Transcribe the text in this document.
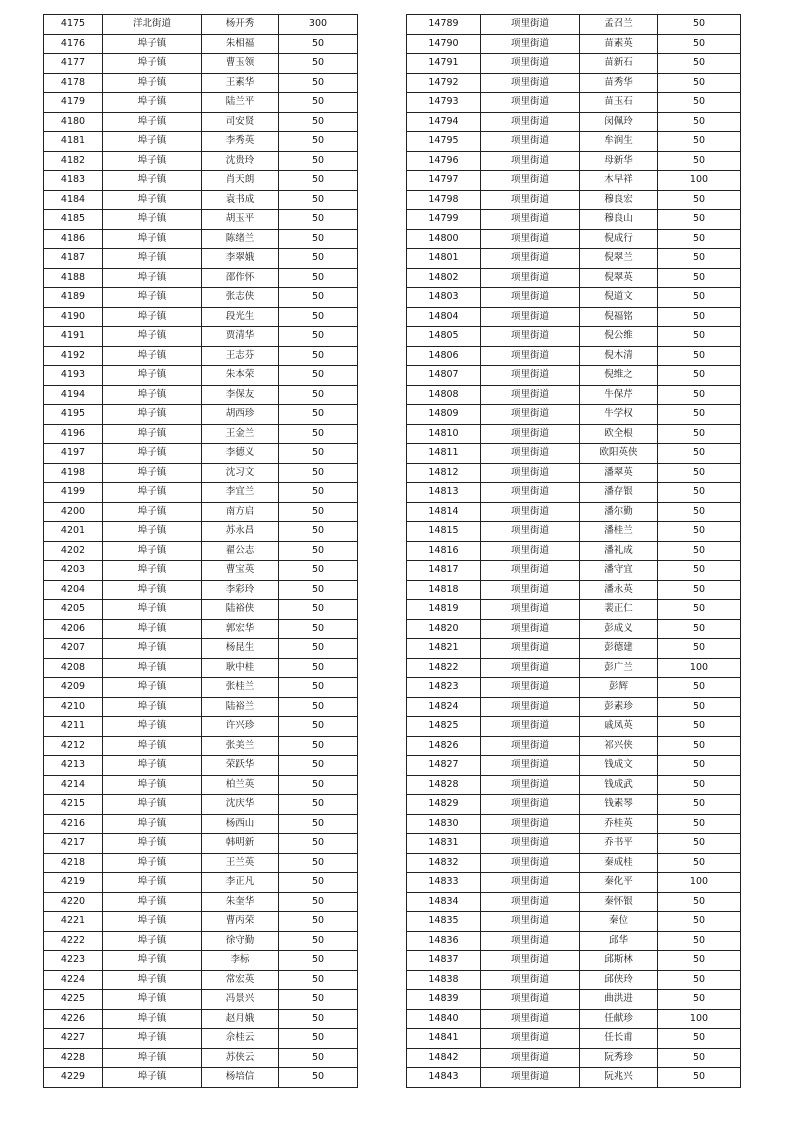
4175	洋北街道	杨开秀	300
4176	埠子镇	朱相福	50
4177	埠子镇	曹玉领	50
4178	埠子镇	王素华	50
4179	埠子镇	陆兰平	50
4180	埠子镇	司安贤	50
4181	埠子镇	李秀英	50
4182	埠子镇	沈贵玲	50
4183	埠子镇	肖天朗	50
4184	埠子镇	袁书成	50
4185	埠子镇	胡玉平	50
4186	埠子镇	陈绪兰	50
4187	埠子镇	李翠娥	50
4188	埠子镇	邵作怀	50
4189	埠子镇	张志侠	50
4190	埠子镇	段光生	50
4191	埠子镇	贾清华	50
4192	埠子镇	王志芬	50
4193	埠子镇	朱本荣	50
4194	埠子镇	李保友	50
4195	埠子镇	胡西珍	50
4196	埠子镇	王金兰	50
4197	埠子镇	李德义	50
4198	埠子镇	沈习文	50
4199	埠子镇	李宜兰	50
4200	埠子镇	南方启	50
4201	埠子镇	苏永昌	50
4202	埠子镇	翟公志	50
4203	埠子镇	曹宝英	50
4204	埠子镇	李彩玲	50
4205	埠子镇	陆裕侠	50
4206	埠子镇	郭宏华	50
4207	埠子镇	杨昆生	50
4208	埠子镇	耿中桂	50
4209	埠子镇	张桂兰	50
4210	埠子镇	陆裕兰	50
4211	埠子镇	许兴珍	50
4212	埠子镇	张美兰	50
4213	埠子镇	荣跃华	50
4214	埠子镇	柏兰英	50
4215	埠子镇	沈庆华	50
4216	埠子镇	杨西山	50
4217	埠子镇	韩明新	50
4218	埠子镇	王兰英	50
4219	埠子镇	李正凡	50
4220	埠子镇	朱奎华	50
4221	埠子镇	曹丙荣	50
4222	埠子镇	徐守勤	50
4223	埠子镇	李标	50
4224	埠子镇	常宏英	50
4225	埠子镇	冯景兴	50
4226	埠子镇	赵月娥	50
4227	埠子镇	佘桂云	50
4228	埠子镇	苏侠云	50
4229	埠子镇	杨培信	50
14789	项里街道	孟召兰	50
14790	项里街道	苗素英	50
14791	项里街道	苗新石	50
14792	项里街道	苗秀华	50
14793	项里街道	苗玉石	50
14794	项里街道	闵佩玲	50
14795	项里街道	牟润生	50
14796	项里街道	母新华	50
14797	项里街道	木早祥	100
14798	项里街道	穆良宏	50
14799	项里街道	穆良山	50
14800	项里街道	倪成行	50
14801	项里街道	倪翠兰	50
14802	项里街道	倪翠英	50
14803	项里街道	倪道文	50
14804	项里街道	倪福铭	50
14805	项里街道	倪公维	50
14806	项里街道	倪木清	50
14807	项里街道	倪维之	50
14808	项里街道	牛保芹	50
14809	项里街道	牛学权	50
14810	项里街道	欧全根	50
14811	项里街道	欧阳英侠	50
14812	项里街道	潘翠英	50
14813	项里街道	潘存银	50
14814	项里街道	潘尔勤	50
14815	项里街道	潘桂兰	50
14816	项里街道	潘礼成	50
14817	项里街道	潘守宜	50
14818	项里街道	潘永英	50
14819	项里街道	裴正仁	50
14820	项里街道	彭成义	50
14821	项里街道	彭德建	50
14822	项里街道	彭广兰	100
14823	项里街道	彭辉	50
14824	项里街道	彭素珍	50
14825	项里街道	戚凤英	50
14826	项里街道	祁兴侠	50
14827	项里街道	钱成文	50
14828	项里街道	钱成武	50
14829	项里街道	钱素琴	50
14830	项里街道	乔桂英	50
14831	项里街道	乔书平	50
14832	项里街道	秦成桂	50
14833	项里街道	秦化平	100
14834	项里街道	秦怀银	50
14835	项里街道	秦位	50
14836	项里街道	邱华	50
14837	项里街道	邱斯林	50
14838	项里街道	邱侠玲	50
14839	项里街道	曲洪进	50
14840	项里街道	任献珍	100
14841	项里街道	任长甫	50
14842	项里街道	阮秀珍	50
14843	项里街道	阮兆兴	50
